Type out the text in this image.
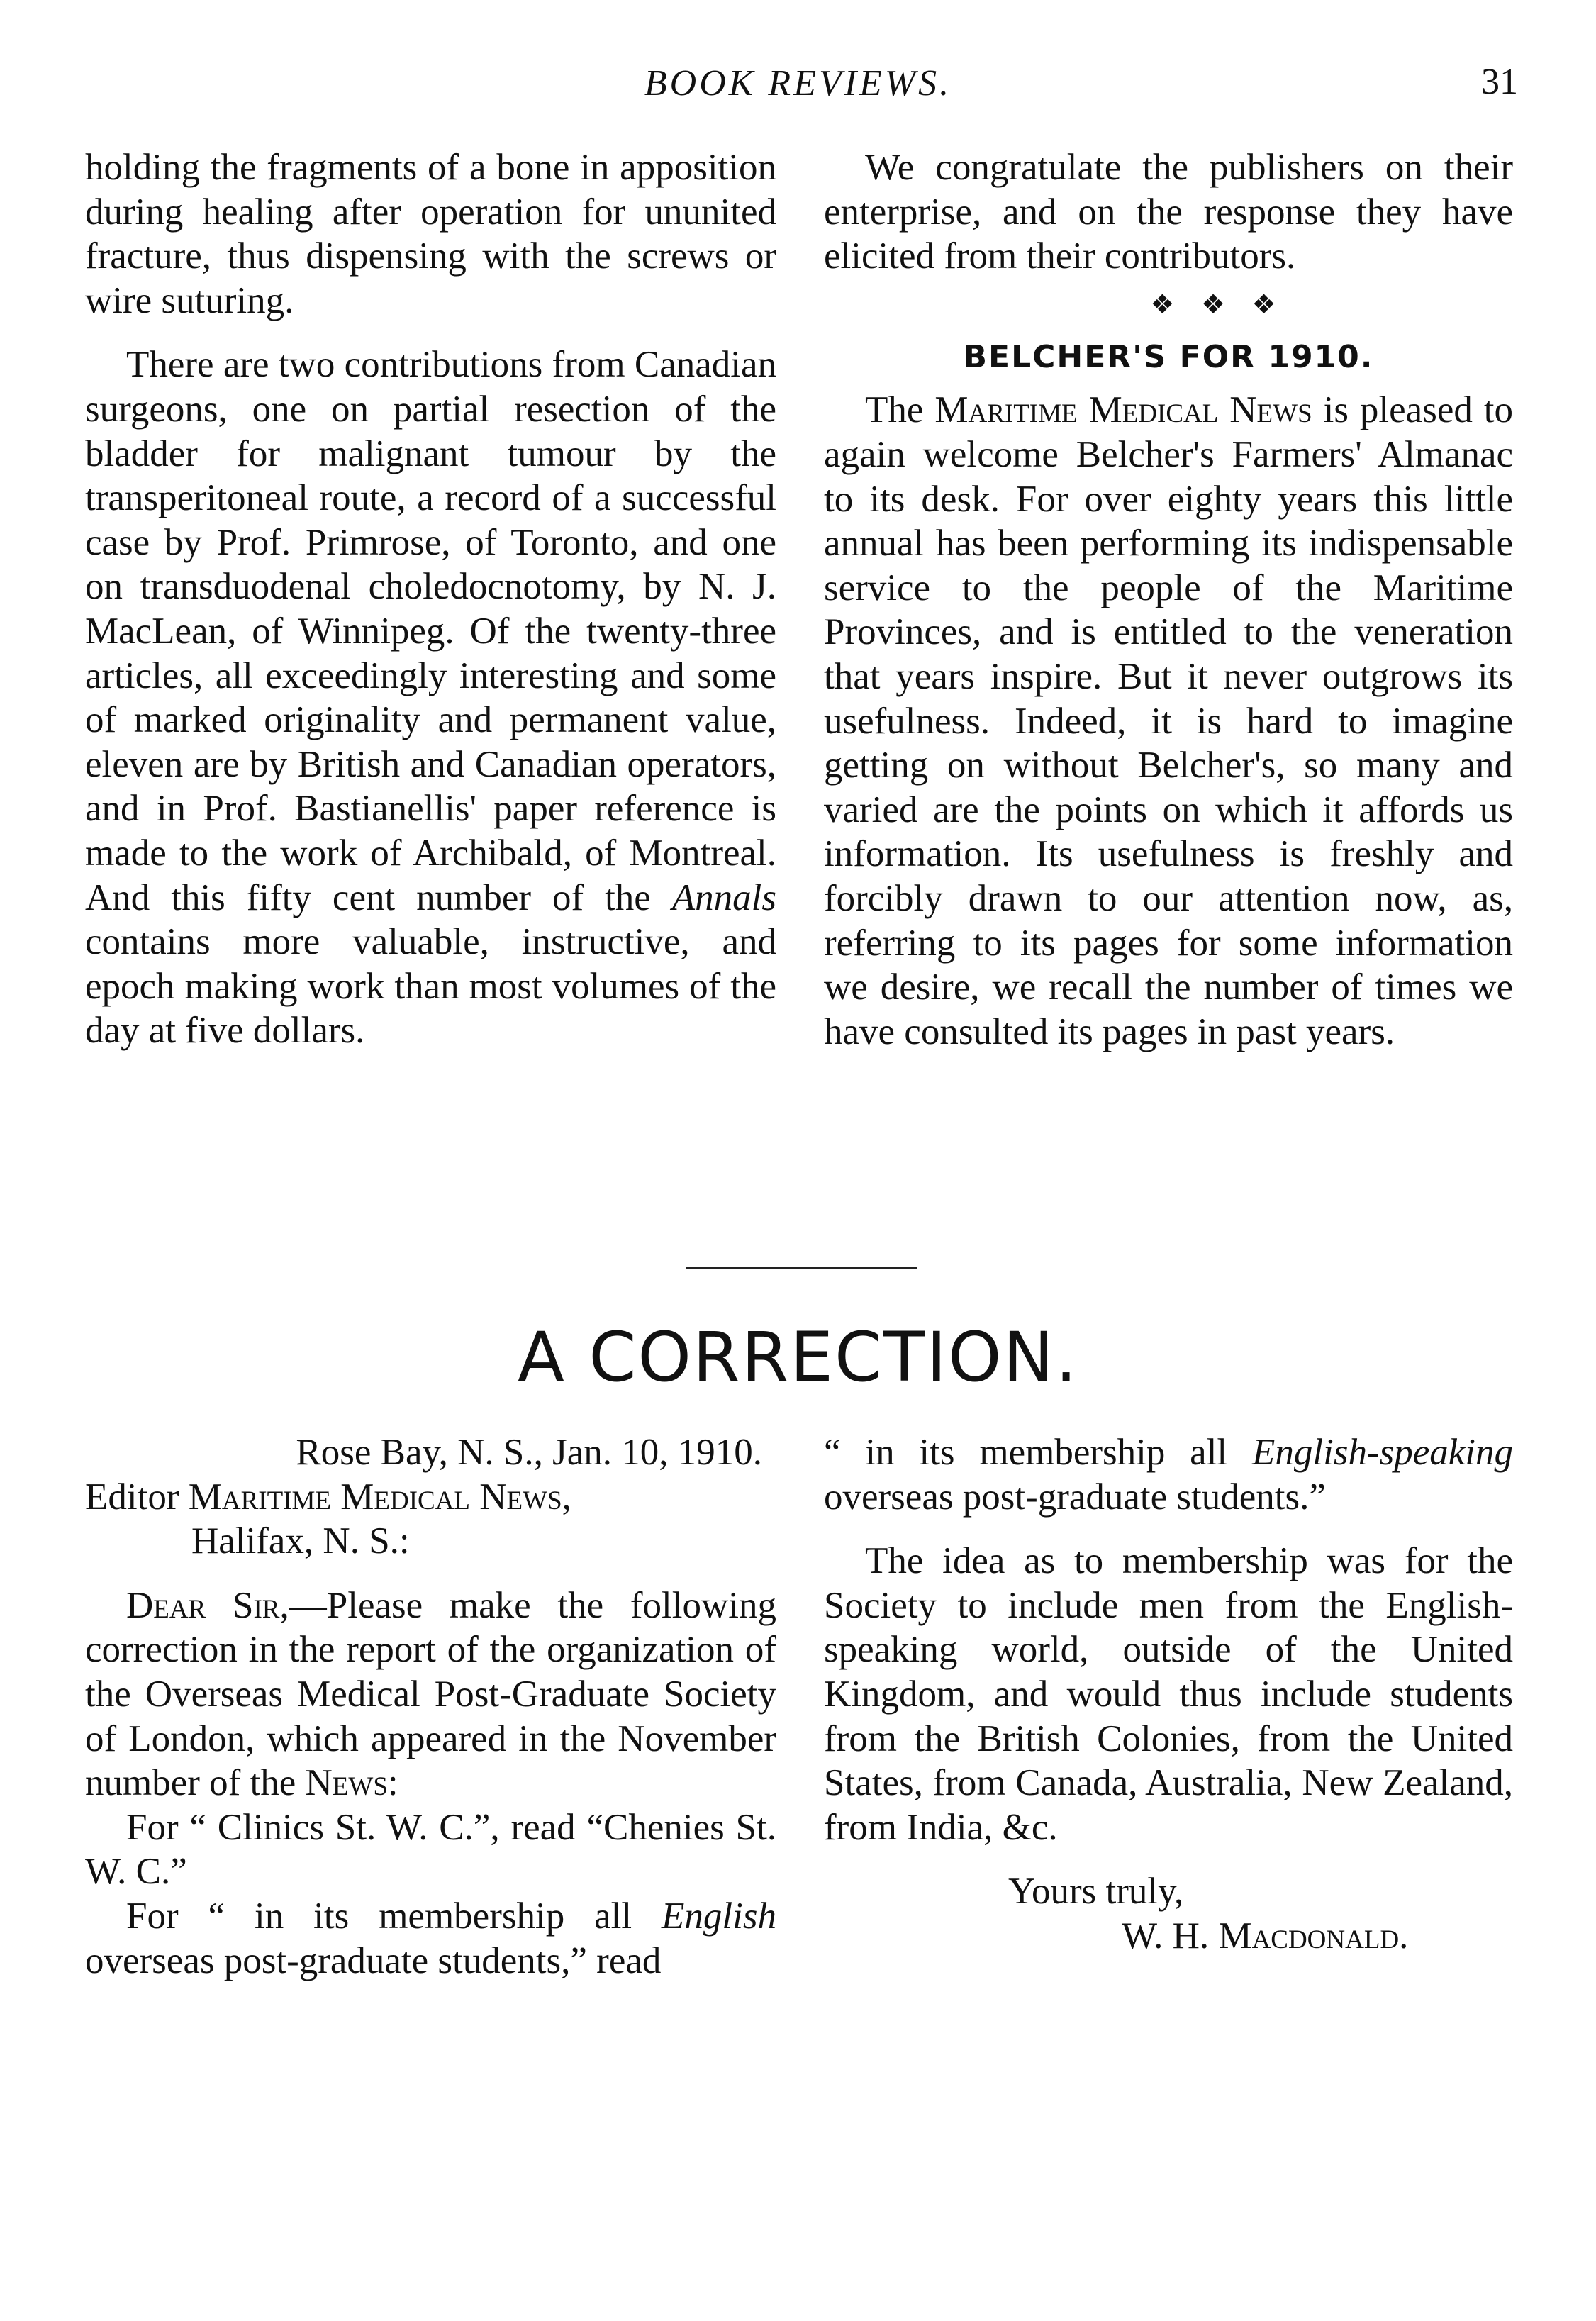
BOOK REVIEWS.	31

holding the fragments of a bone in apposition during healing after operation for ununited fracture, thus dispensing with the screws or wire suturing.

There are two contributions from Canadian surgeons, one on partial resection of the bladder for malignant tumour by the transperitoneal route, a record of a successful case by Prof. Primrose, of Toronto, and one on transduodenal choledocnotomy, by N. J. MacLean, of Winnipeg. Of the twenty-three articles, all exceedingly interesting and some of marked originality and permanent value, eleven are by British and Canadian operators, and in Prof. Bastianellis' paper reference is made to the work of Archibald, of Montreal. And this fifty cent number of the Annals contains more valuable, instructive, and epoch making work than most volumes of the day at five dollars.

We congratulate the publishers on their enterprise, and on the response they have elicited from their contributors.

❖ ❖ ❖
BELCHER'S FOR 1910.

The Maritime Medical News is pleased to again welcome Belcher's Farmers' Almanac to its desk. For over eighty years this little annual has been performing its indispensable service to the people of the Maritime Provinces, and is entitled to the veneration that years inspire. But it never outgrows its usefulness. Indeed, it is hard to imagine getting on without Belcher's, so many and varied are the points on which it affords us information. Its usefulness is freshly and forcibly drawn to our attention now, as, referring to its pages for some information we desire, we recall the number of times we have consulted its pages in past years.

A CORRECTION.
Rose Bay, N. S., Jan. 10, 1910.
Editor Maritime Medical News,
Halifax, N. S.:

Dear Sir,—Please make the following correction in the report of the organization of the Overseas Medical Post-Graduate Society of London, which appeared in the November number of the News:

For “ Clinics St. W. C.”, read “Chenies St. W. C.”

For “ in its membership all English overseas post-graduate students,” read

“ in its membership all English-speaking overseas post-graduate students.”

The idea as to membership was for the Society to include men from the English-speaking world, outside of the United Kingdom, and would thus include students from the British Colonies, from the United States, from Canada, Australia, New Zealand, from India, &c.

Yours truly,
W. H. Macdonald.
